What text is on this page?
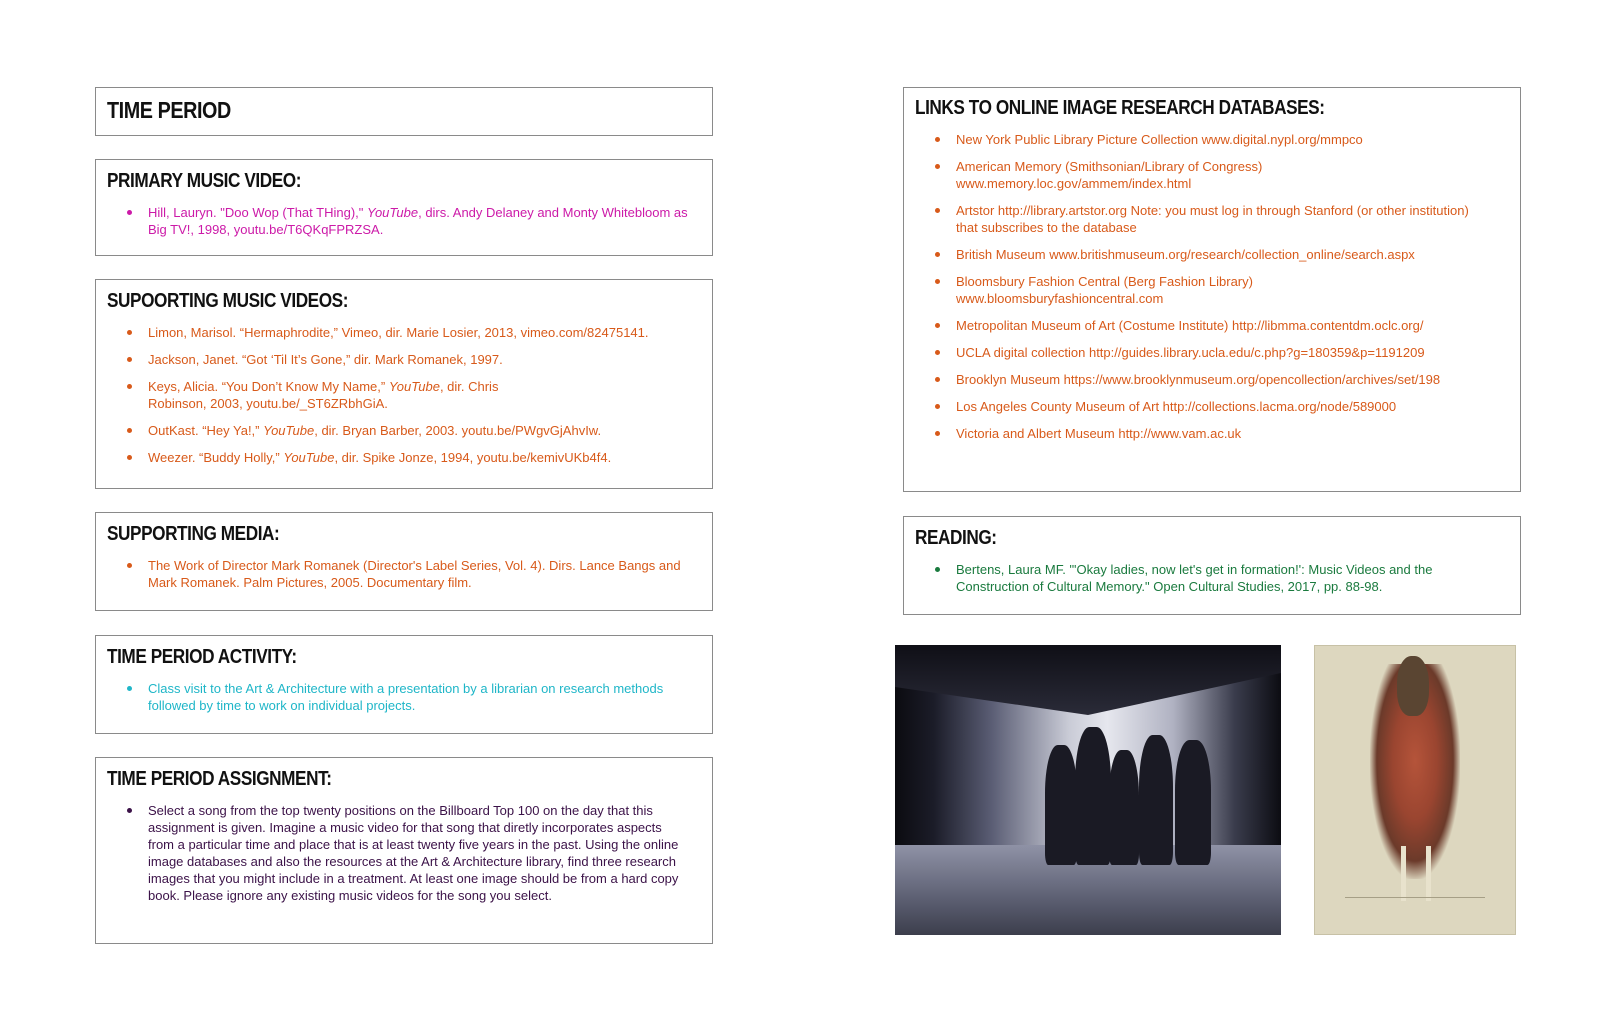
TIME PERIOD
PRIMARY MUSIC VIDEO:
Hill, Lauryn. "Doo Wop (That THing)," YouTube, dirs. Andy Delaney and Monty Whitebloom as Big TV!, 1998, youtu.be/T6QKqFPRZSA.
SUPOORTING MUSIC VIDEOS:
Limon, Marisol. “Hermaphrodite,” Vimeo, dir. Marie Losier, 2013, vimeo.com/82475141.
Jackson, Janet. “Got ‘Til It’s Gone,” dir. Mark Romanek, 1997.
Keys, Alicia. “You Don’t Know My Name,” YouTube, dir. Chris Robinson, 2003, youtu.be/_ST6ZRbhGiA.
OutKast. “Hey Ya!,” YouTube, dir. Bryan Barber, 2003. youtu.be/PWgvGjAhvIw.
Weezer. “Buddy Holly,” YouTube, dir. Spike Jonze, 1994, youtu.be/kemivUKb4f4.
SUPPORTING MEDIA:
The Work of Director Mark Romanek (Director's Label Series, Vol. 4). Dirs. Lance Bangs and Mark Romanek. Palm Pictures, 2005. Documentary film.
TIME PERIOD ACTIVITY:
Class visit to the Art & Architecture with a presentation by a librarian on research methods followed by time to work on individual projects.
TIME PERIOD ASSIGNMENT:
Select a song from the top twenty positions on the Billboard Top 100 on the day that this assignment is given. Imagine a music video for that song that diretly incorporates aspects from a particular time and place that is at least twenty five years in the past. Using the online image databases and also the resources at the Art & Architecture library, find three research images that you might include in a treatment. At least one image should be from a hard copy book. Please ignore any existing music videos for the song you select.
LINKS TO ONLINE IMAGE RESEARCH DATABASES:
New York Public Library Picture Collection www.digital.nypl.org/mmpco
American Memory (Smithsonian/Library of Congress) www.memory.loc.gov/ammem/index.html
Artstor http://library.artstor.org Note: you must log in through Stanford (or other institution) that subscribes to the database
British Museum www.britishmuseum.org/research/collection_online/search.aspx
Bloomsbury Fashion Central (Berg Fashion Library) www.bloomsburyfashioncentral.com
Metropolitan Museum of Art (Costume Institute) http://libmma.contentdm.oclc.org/
UCLA digital collection http://guides.library.ucla.edu/c.php?g=180359&p=1191209
Brooklyn Museum https://www.brooklynmuseum.org/opencollection/archives/set/198
Los Angeles County Museum of Art http://collections.lacma.org/node/589000
Victoria and Albert Museum http://www.vam.ac.uk
READING:
Bertens, Laura MF. "'Okay ladies, now let's get in formation!': Music Videos and the Construction of Cultural Memory." Open Cultural Studies, 2017, pp. 88-98.
